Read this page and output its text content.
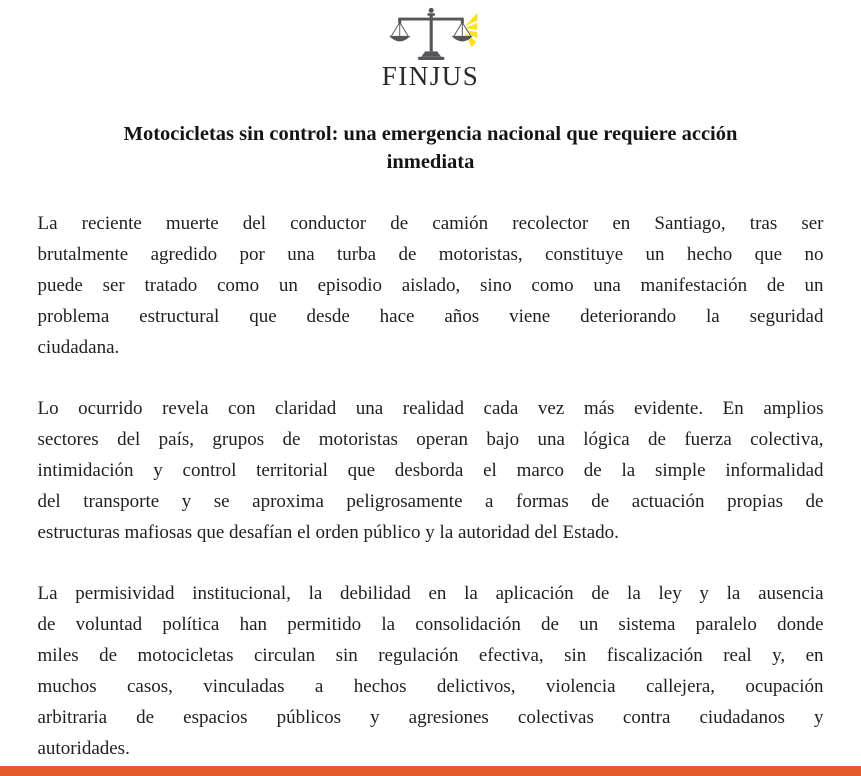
FINJUS
Motocicletas sin control: una emergencia nacional que requiere acción
inmediata
La reciente muerte del conductor de camión recolector en Santiago, tras ser
brutalmente agredido por una turba de motoristas, constituye un hecho que no
puede ser tratado como un episodio aislado, sino como una manifestación de un
problema estructural que desde hace años viene deteriorando la seguridad
ciudadana.
Lo ocurrido revela con claridad una realidad cada vez más evidente. En amplios
sectores del país, grupos de motoristas operan bajo una lógica de fuerza colectiva,
intimidación y control territorial que desborda el marco de la simple informalidad
del transporte y se aproxima peligrosamente a formas de actuación propias de
estructuras mafiosas que desafían el orden público y la autoridad del Estado.
La permisividad institucional, la debilidad en la aplicación de la ley y la ausencia
de voluntad política han permitido la consolidación de un sistema paralelo donde
miles de motocicletas circulan sin regulación efectiva, sin fiscalización real y, en
muchos casos, vinculadas a hechos delictivos, violencia callejera, ocupación
arbitraria de espacios públicos y agresiones colectivas contra ciudadanos y
autoridades.
